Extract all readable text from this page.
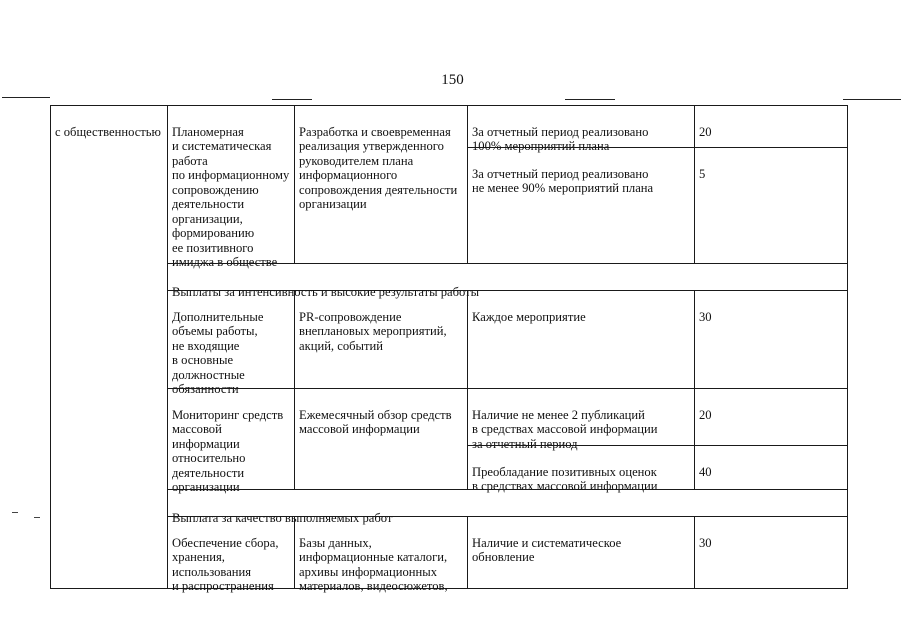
150

с общественностью Планомерная
и систематическая
работа
по информационному
сопровождению
деятельности
организации,
формированию
ее позитивного
имиджа в обществе

Разработка и своевременная
реализация утвержденного
руководителем плана
информационного
сопровождения деятельности
организации

За отчетный период реализовано
100% мероприятий плана

20

За отчетный период реализовано
не менее 90% мероприятий плана

5

Выплаты за интенсивность и высокие результаты работы

Дополнительные
объемы работы,
не входящие
в основные
должностные
обязанности

PR-сопровождение
внеплановых мероприятий,
акций, событий

Каждое мероприятие	30

Мониторинг средств
массовой
информации
относительно
деятельности
организации

Ежемесячный обзор средств
массовой информации

Наличие не менее 2 публикаций
в средствах массовой информации
за отчетный период

20

Преобладание позитивных оценок
в средствах массовой информации

40

Выплата за качество выполняемых работ

Обеспечение сбора,
хранения,
использования
и распространения

Базы данных,
информационные каталоги,
архивы информационных
материалов, видеосюжетов,

Наличие и систематическое
обновление

30
